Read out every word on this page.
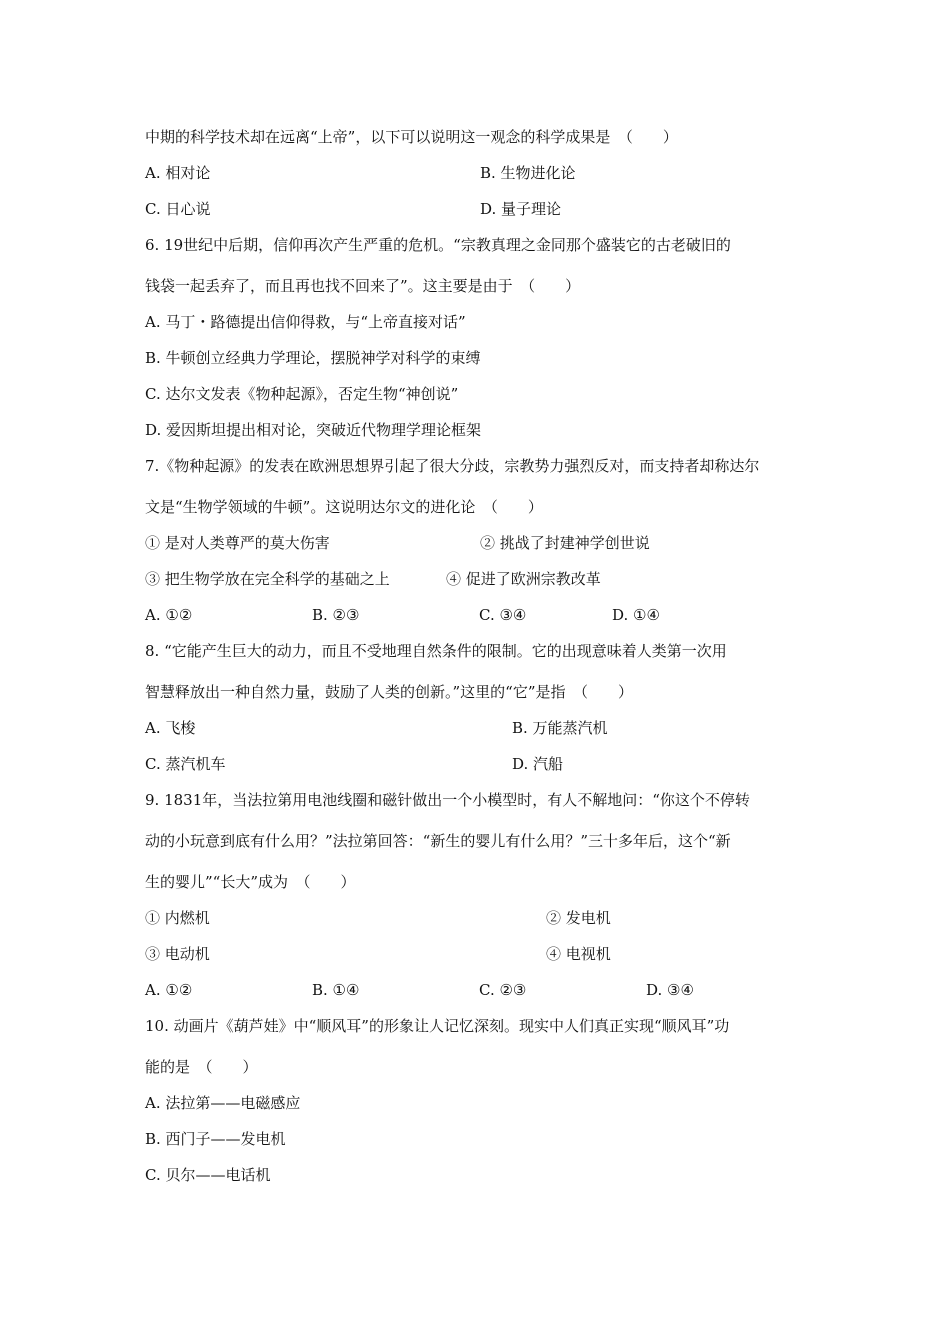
中期的科学技术却在远离“上帝”，以下可以说明这一观念的科学成果是　（　　）
A. 相对论	B. 生物进化论
C. 日心说	D. 量子理论
6. 19世纪中后期，信仰再次产生严重的危机。“宗教真理之金同那个盛装它的古老破旧的
钱袋一起丢弃了，而且再也找不回来了”。这主要是由于　（　　）
A. 马丁・路德提出信仰得救，与“上帝直接对话”
B. 牛顿创立经典力学理论，摆脱神学对科学的束缚
C. 达尔文发表《物种起源》，否定生物“神创说”
D. 爱因斯坦提出相对论，突破近代物理学理论框架
7.《物种起源》的发表在欧洲思想界引起了很大分歧，宗教势力强烈反对，而支持者却称达尔
文是“生物学领域的牛顿”。这说明达尔文的进化论　（　　）
① 是对人类尊严的莫大伤害	② 挑战了封建神学创世说
③ 把生物学放在完全科学的基础之上	④ 促进了欧洲宗教改革
A. ①②	B. ②③	C. ③④	D. ①④
8. “它能产生巨大的动力，而且不受地理自然条件的限制。它的出现意味着人类第一次用
智慧释放出一种自然力量，鼓励了人类的创新。”这里的“它”是指　（　　）
A. 飞梭	B. 万能蒸汽机
C. 蒸汽机车	D. 汽船
9. 1831年，当法拉第用电池线圈和磁针做出一个小模型时，有人不解地问：“你这个不停转
动的小玩意到底有什么用？”法拉第回答：“新生的婴儿有什么用？”三十多年后，这个“新
生的婴儿”“长大”成为　（　　）
① 内燃机	② 发电机
③ 电动机	④ 电视机
A. ①②	B. ①④	C. ②③	D. ③④
10. 动画片《葫芦娃》中“顺风耳”的形象让人记忆深刻。现实中人们真正实现“顺风耳”功
能的是　（　　）
A. 法拉第——电磁感应
B. 西门子——发电机
C. 贝尔——电话机
